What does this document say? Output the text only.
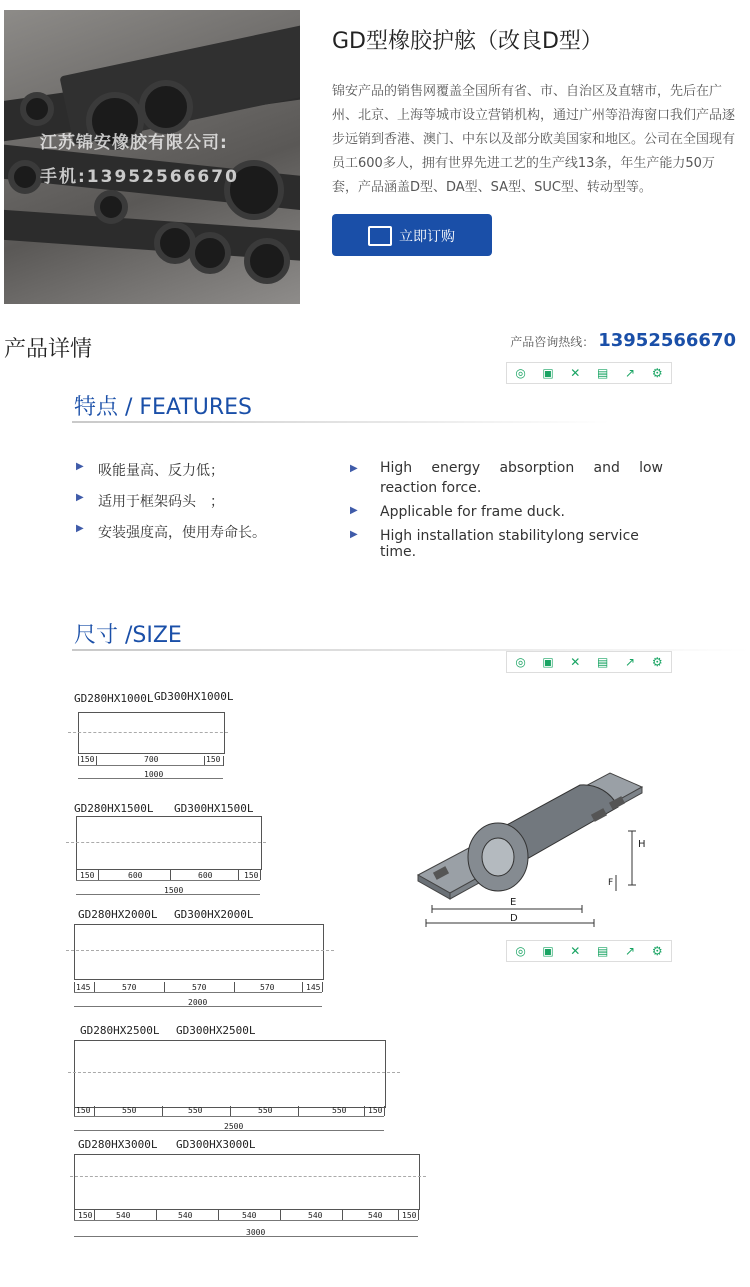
江苏锦安橡胶有限公司:
手机:13952566670
GD型橡胶护舷（改良D型）
锦安产品的销售网覆盖全国所有省、市、自治区及直辖市，先后在广州、北京、上海等城市设立营销机构，通过广州等沿海窗口我们产品逐步远销到香港、澳门、中东以及部分欧美国家和地区。公司在全国现有员工600多人，拥有世界先进工艺的生产线13条，年生产能力50万套，产品涵盖D型、DA型、SA型、SUC型、转动型等。
立即订购
产品详情	产品咨询热线： 13952566670
◎	▣	✕	▤	↗	⚙
特点 / FEATURES
▶ 吸能量高、反力低；
▶ 适用于框架码头　；
▶ 安装强度高，使用寿命长。
▶ High energy absorption and low reaction force.
▶ Applicable for frame duck.
▶ High installation stabilitylong service time.
尺寸 /SIZE
◎	▣	✕	▤	↗	⚙
GD280HX1000L GD300HX1000L
150	700	150
1000
GD280HX1500L GD300HX1500L
150	600	600	150
1500
GD280HX2000L GD300HX2000L
145	570	570	570	145
2000
GD280HX2500L GD300HX2500L
150	550	550	550	550	150
2500
GD280HX3000L GD300HX3000L
150	540	540	540	540	540 150
3000
E
D
H
F
◎	▣	✕	▤	↗	⚙
